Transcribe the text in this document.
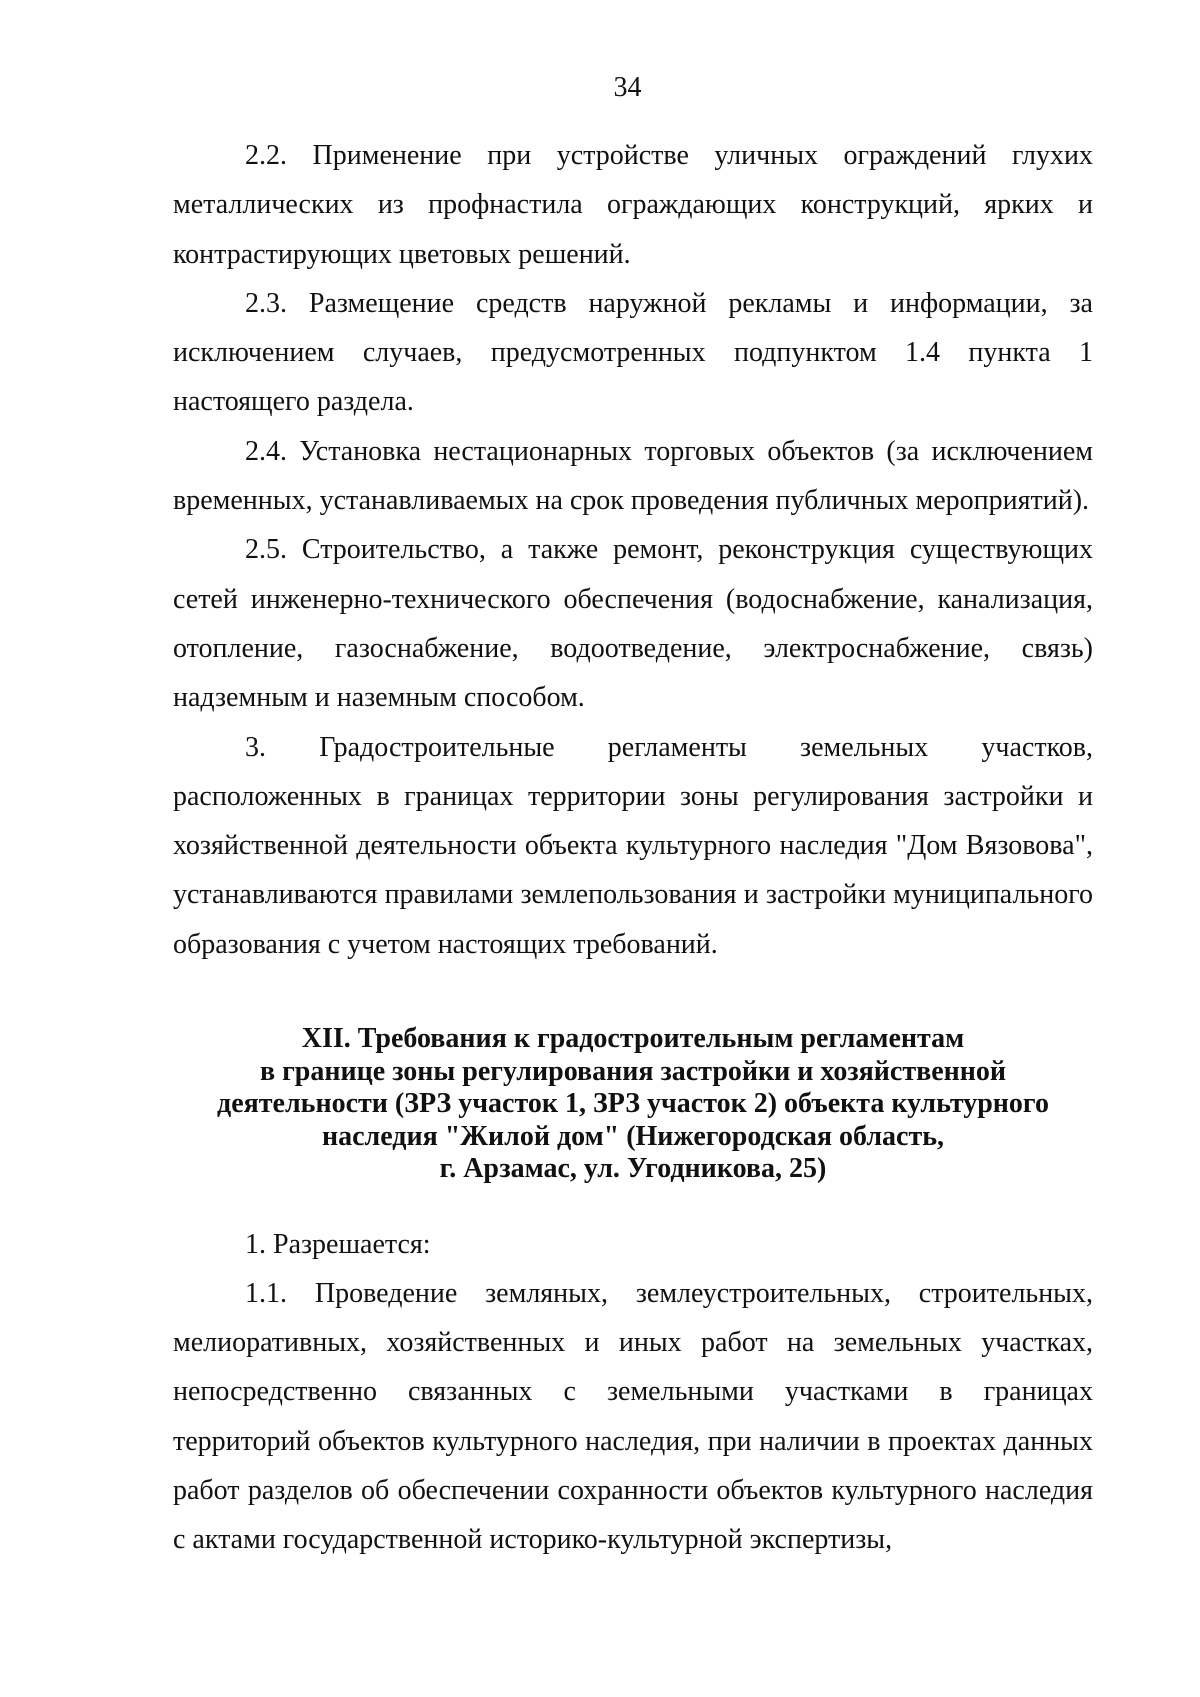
34

2.2. Применение при устройстве уличных ограждений глухих металлических из профнастила ограждающих конструкций, ярких и контрастирующих цветовых решений.

2.3. Размещение средств наружной рекламы и информации, за исключением случаев, предусмотренных подпунктом 1.4 пункта 1 настоящего раздела.

2.4. Установка нестационарных торговых объектов (за исключением временных, устанавливаемых на срок проведения публичных мероприятий).

2.5. Строительство, а также ремонт, реконструкция существующих сетей инженерно-технического обеспечения (водоснабжение, канализация, отопление, газоснабжение, водоотведение, электроснабжение, связь) надземным и наземным способом.

3. Градостроительные регламенты земельных участков, расположенных в границах территории зоны регулирования застройки и хозяйственной деятельности объекта культурного наследия "Дом Вязовова", устанавливаются правилами землепользования и застройки муниципального образования с учетом настоящих требований.

XII. Требования к градостроительным регламентам
в границе зоны регулирования застройки и хозяйственной
деятельности (ЗРЗ участок 1, ЗРЗ участок 2) объекта культурного
наследия "Жилой дом" (Нижегородская область,
г. Арзамас, ул. Угодникова, 25)

1. Разрешается:

1.1. Проведение земляных, землеустроительных, строительных, мелиоративных, хозяйственных и иных работ на земельных участках, непосредственно связанных с земельными участками в границах территорий объектов культурного наследия, при наличии в проектах данных работ разделов об обеспечении сохранности объектов культурного наследия с актами государственной историко-культурной экспертизы,
